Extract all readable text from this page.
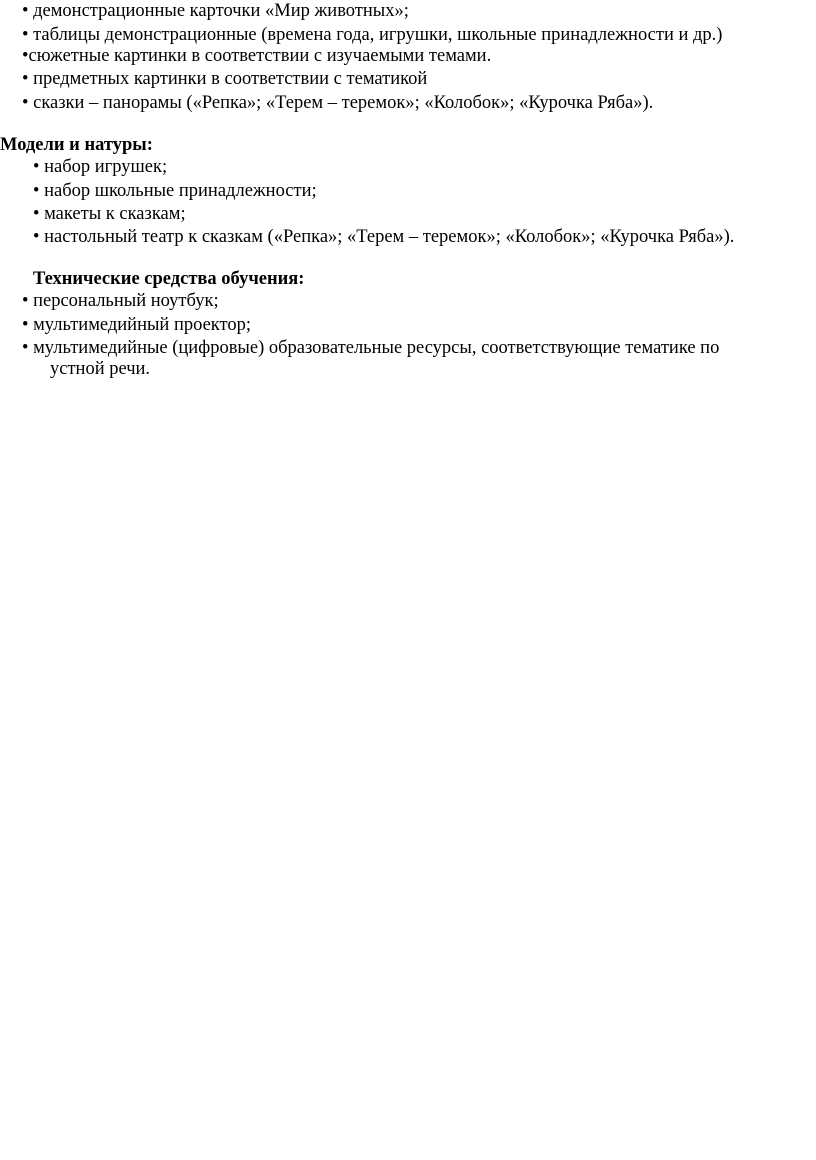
• демонстрационные карточки «Мир животных»;
• таблицы демонстрационные (времена года, игрушки, школьные принадлежности и др.)
•сюжетные картинки в соответствии с изучаемыми темами.
• предметных картинки в соответствии с тематикой
• сказки – панорамы («Репка»; «Терем – теремок»; «Колобок»; «Курочка Ряба»).
Модели и натуры:
• набор игрушек;
• набор школьные принадлежности;
• макеты к сказкам;
• настольный театр к сказкам («Репка»; «Терем – теремок»; «Колобок»; «Курочка Ряба»).
Технические средства обучения:
• персональный ноутбук;
• мультимедийный проектор;
• мультимедийные (цифровые) образовательные ресурсы, соответствующие тематике по
устной речи.
